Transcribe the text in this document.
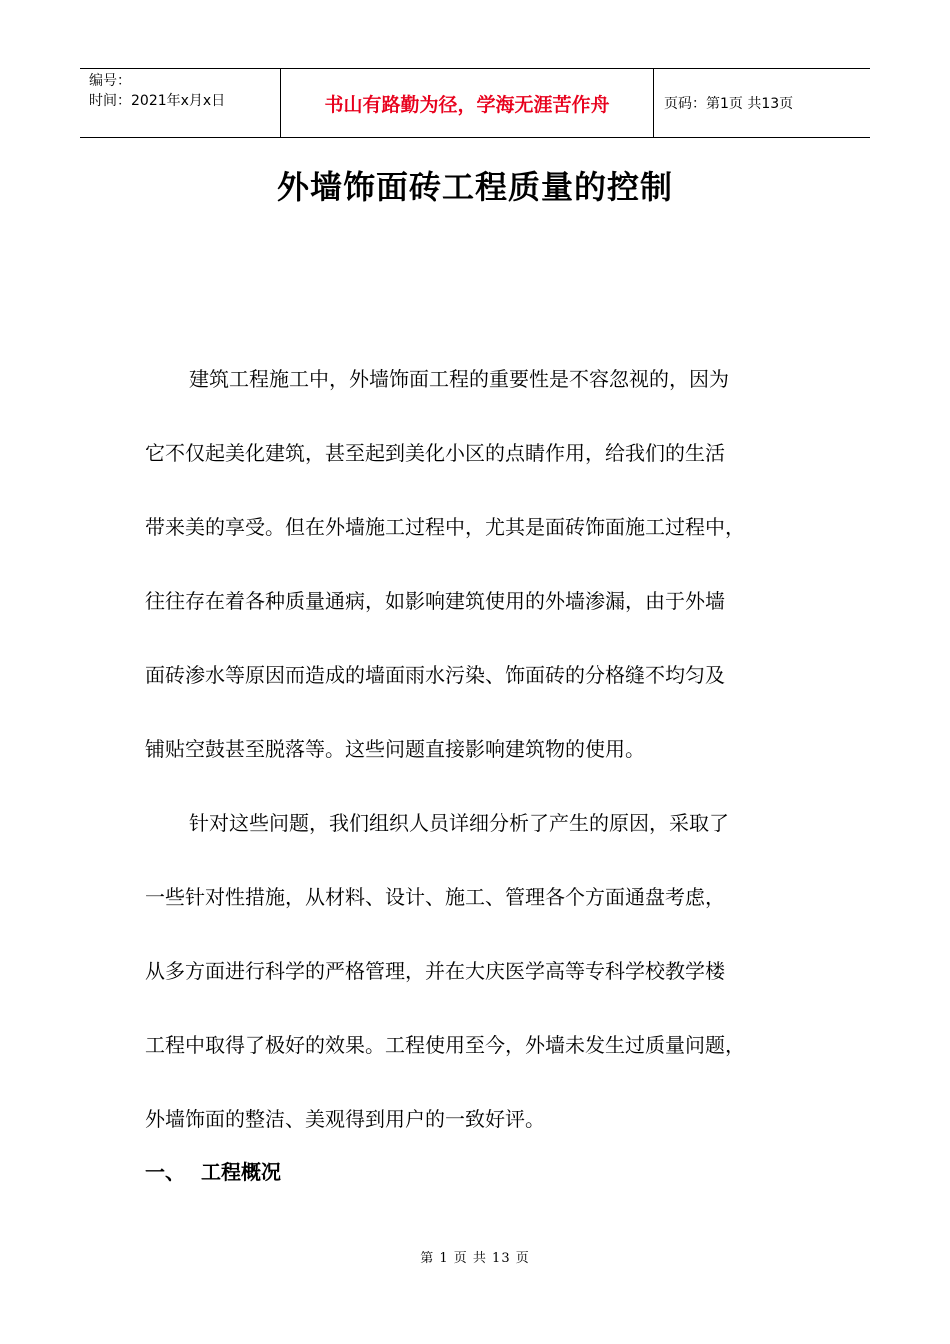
编号：
时间：2021年x月x日	书山有路勤为径，学海无涯苦作舟	页码：第1页 共13页
外墙饰面砖工程质量的控制
建筑工程施工中，外墙饰面工程的重要性是不容忽视的，因为
它不仅起美化建筑，甚至起到美化小区的点睛作用，给我们的生活
带来美的享受。但在外墙施工过程中，尤其是面砖饰面施工过程中，
往往存在着各种质量通病，如影响建筑使用的外墙渗漏，由于外墙
面砖渗水等原因而造成的墙面雨水污染、饰面砖的分格缝不均匀及
铺贴空鼓甚至脱落等。这些问题直接影响建筑物的使用。
针对这些问题，我们组织人员详细分析了产生的原因，采取了
一些针对性措施，从材料、设计、施工、管理各个方面通盘考虑，
从多方面进行科学的严格管理，并在大庆医学高等专科学校教学楼
工程中取得了极好的效果。工程使用至今，外墙未发生过质量问题，
外墙饰面的整洁、美观得到用户的一致好评。
一、 工程概况
第 1 页 共 13 页
